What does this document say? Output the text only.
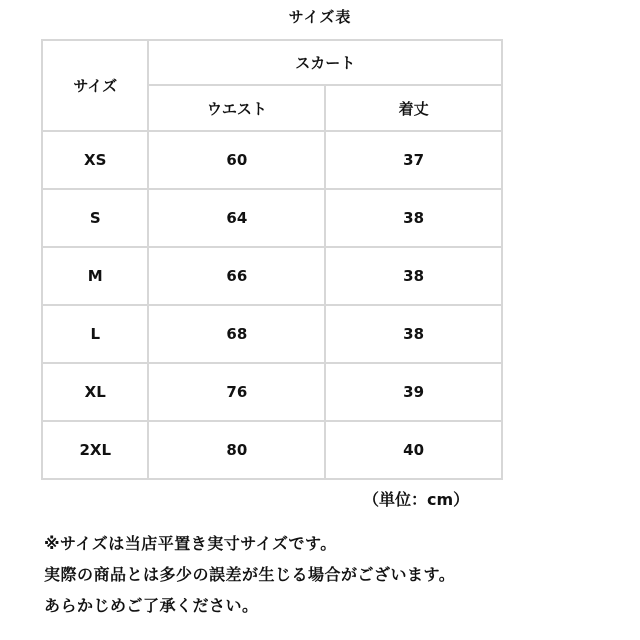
サイズ表
サイズ	スカート	
	ウエスト	着丈
XS	60	37
S	64	38
M	66	38
L	68	38
XL	76	39
2XL	80	40
（単位：cm）
※サイズは当店平置き実寸サイズです。
実際の商品とは多少の誤差が生じる場合がございます。
あらかじめご了承ください。
